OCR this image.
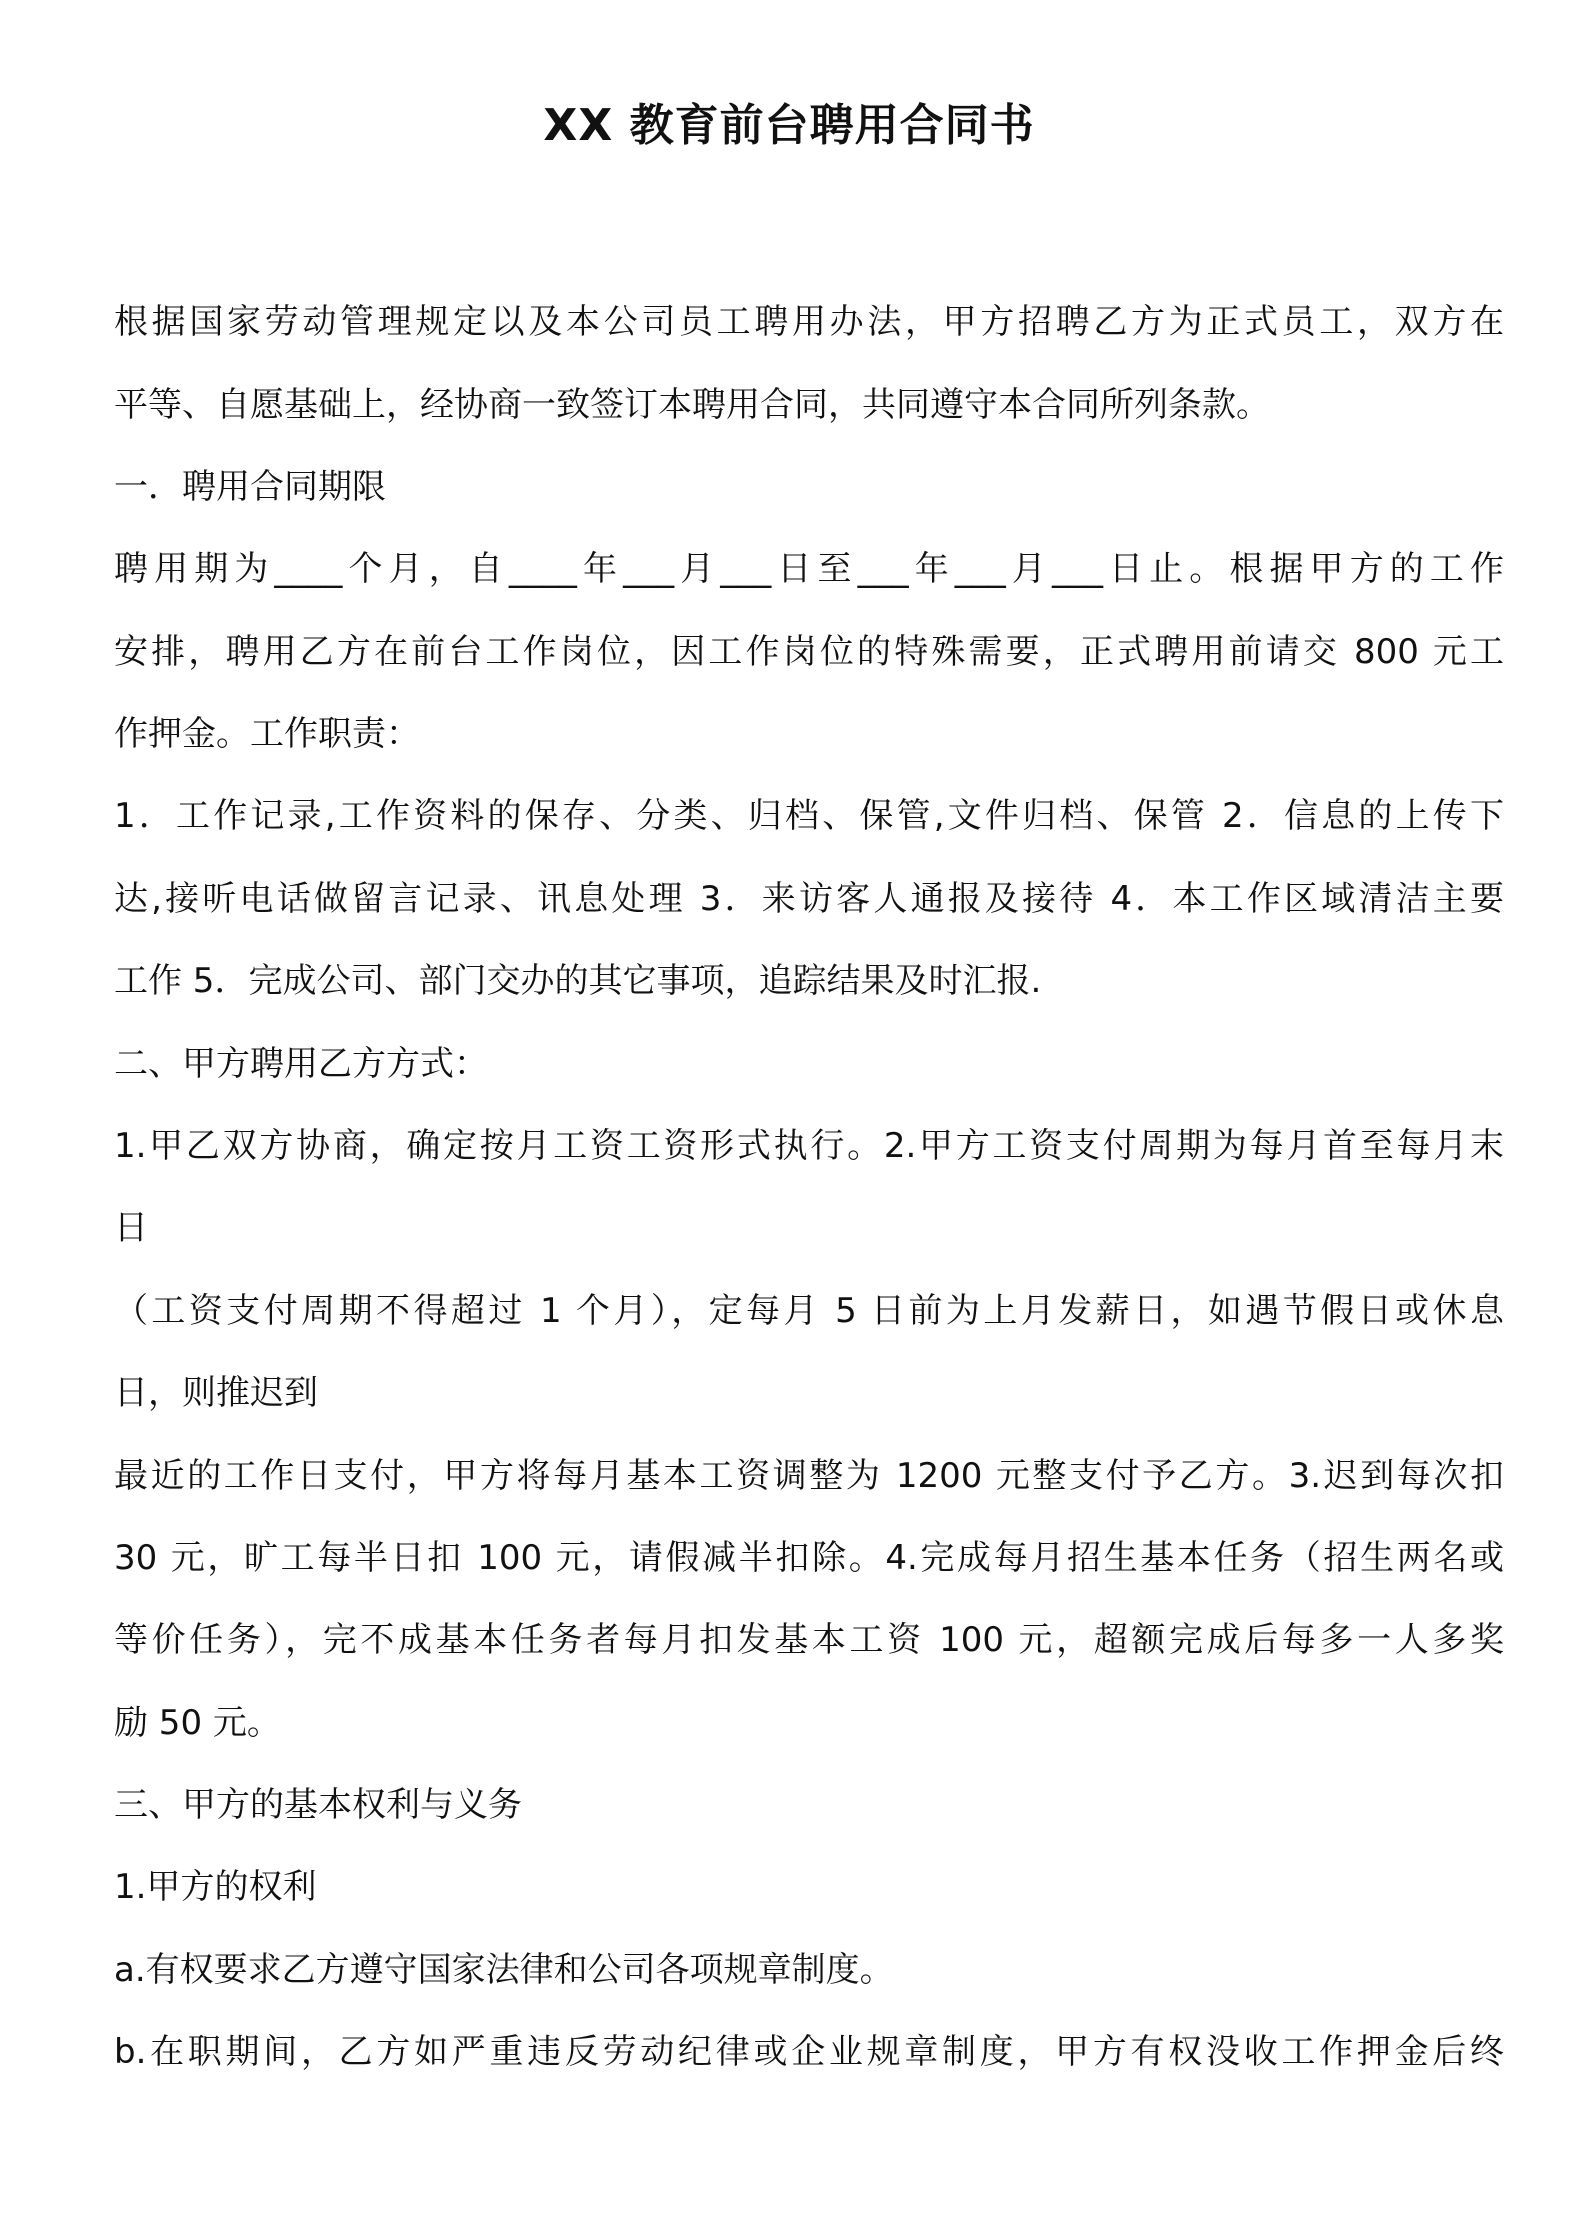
XX 教育前台聘用合同书
根据国家劳动管理规定以及本公司员工聘用办法，甲方招聘乙方为正式员工，双方在
平等、自愿基础上，经协商一致签订本聘用合同，共同遵守本合同所列条款。
一．聘用合同期限
聘用期为____个月，自____年___月___日至___年___月___日止。根据甲方的工作
安排，聘用乙方在前台工作岗位，因工作岗位的特殊需要，正式聘用前请交 800 元工
作押金。工作职责：
1．工作记录,工作资料的保存、分类、归档、保管,文件归档、保管 2．信息的上传下
达,接听电话做留言记录、讯息处理 3．来访客人通报及接待 4．本工作区域清洁主要
工作 5．完成公司、部门交办的其它事项，追踪结果及时汇报.
二、甲方聘用乙方方式：
1.甲乙双方协商，确定按月工资工资形式执行。2.甲方工资支付周期为每月首至每月末
日
（工资支付周期不得超过 1 个月），定每月 5 日前为上月发薪日，如遇节假日或休息
日，则推迟到
最近的工作日支付，甲方将每月基本工资调整为 1200 元整支付予乙方。3.迟到每次扣
30 元，旷工每半日扣 100 元，请假减半扣除。4.完成每月招生基本任务（招生两名或
等价任务），完不成基本任务者每月扣发基本工资 100 元，超额完成后每多一人多奖
励 50 元。
三、甲方的基本权利与义务
1.甲方的权利
a.有权要求乙方遵守国家法律和公司各项规章制度。
b.在职期间，乙方如严重违反劳动纪律或企业规章制度，甲方有权没收工作押金后终
